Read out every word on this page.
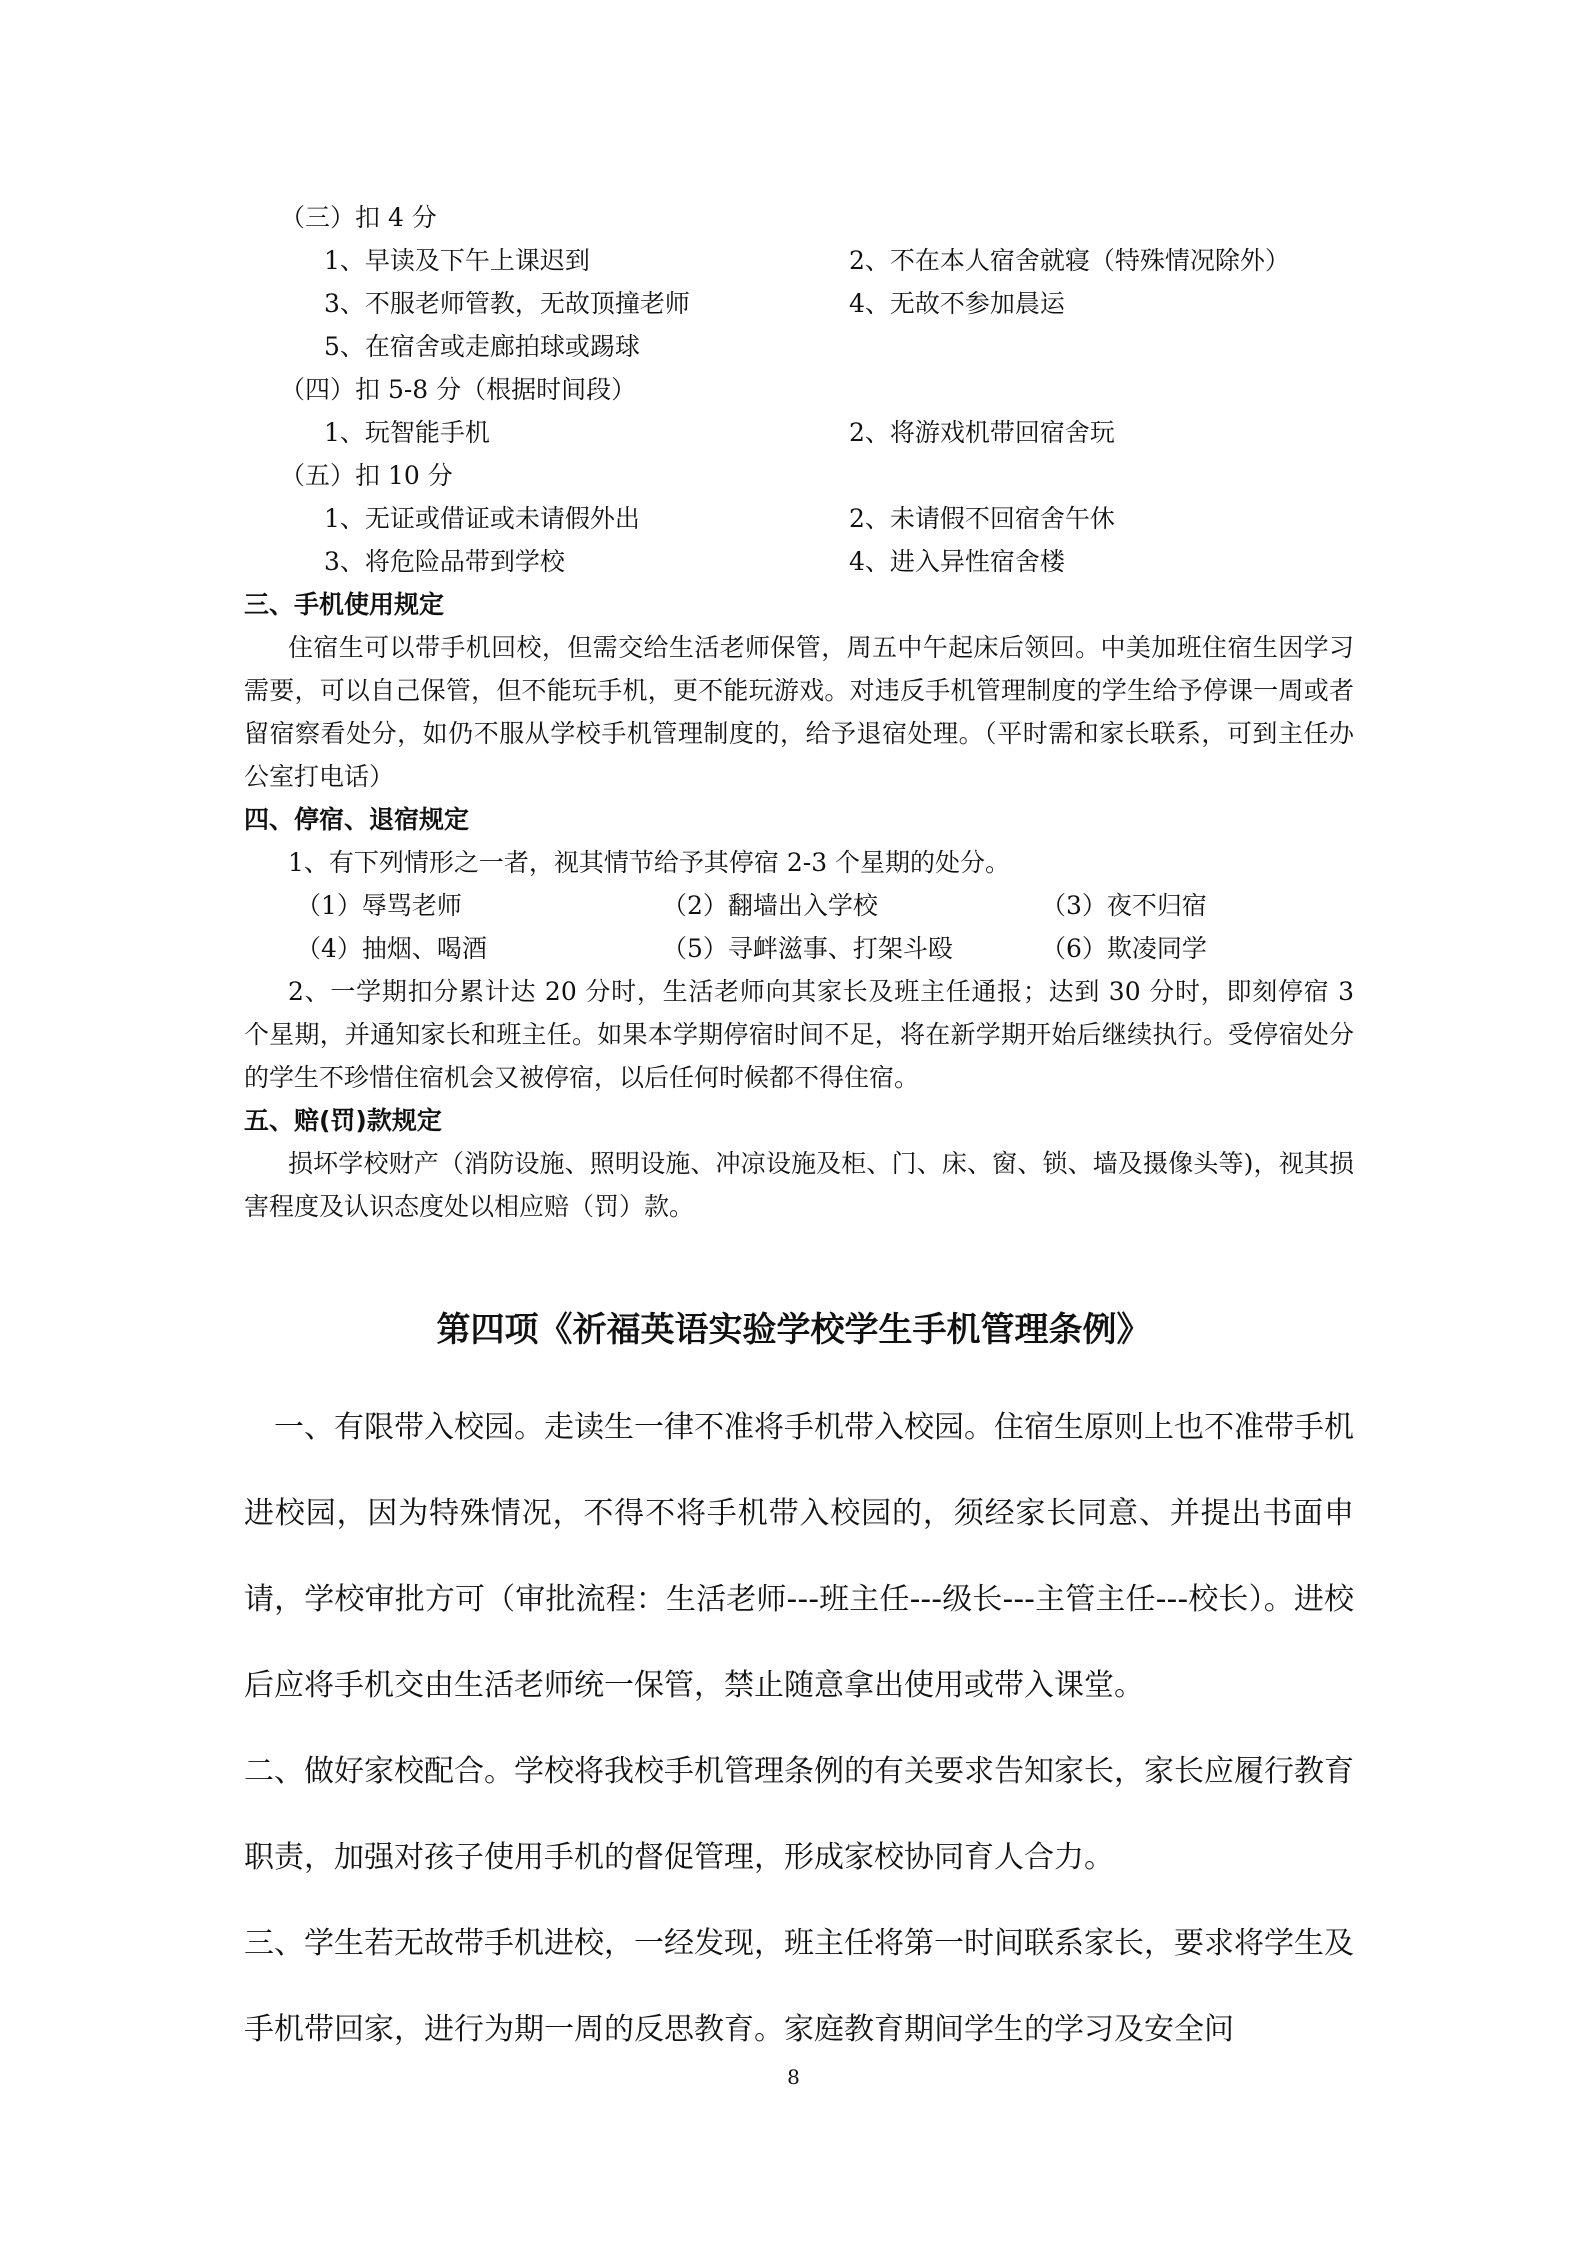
（三）扣 4 分
1、早读及下午上课迟到	2、不在本人宿舍就寝（特殊情况除外）
3、不服老师管教，无故顶撞老师	4、无故不参加晨运
5、在宿舍或走廊拍球或踢球
（四）扣 5-8 分（根据时间段）
1、玩智能手机	2、将游戏机带回宿舍玩
（五）扣 10 分
1、无证或借证或未请假外出	2、未请假不回宿舍午休
3、将危险品带到学校	4、进入异性宿舍楼
三、手机使用规定

住宿生可以带手机回校，但需交给生活老师保管，周五中午起床后领回。中美加班住宿生因学习需要，可以自己保管，但不能玩手机，更不能玩游戏。对违反手机管理制度的学生给予停课一周或者留宿察看处分，如仍不服从学校手机管理制度的，给予退宿处理。（平时需和家长联系，可到主任办公室打电话）

四、停宿、退宿规定

1、有下列情形之一者，视其情节给予其停宿 2-3 个星期的处分。

（1）辱骂老师	（2）翻墙出入学校	（3）夜不归宿
（4）抽烟、喝酒	（5）寻衅滋事、打架斗殴	（6）欺凌同学

2、一学期扣分累计达 20 分时，生活老师向其家长及班主任通报；达到 30 分时，即刻停宿 3 个星期，并通知家长和班主任。如果本学期停宿时间不足，将在新学期开始后继续执行。受停宿处分的学生不珍惜住宿机会又被停宿，以后任何时候都不得住宿。

五、赔(罚)款规定

损坏学校财产（消防设施、照明设施、冲凉设施及柜、门、床、窗、锁、墙及摄像头等)，视其损害程度及认识态度处以相应赔（罚）款。

第四项《祈福英语实验学校学生手机管理条例》

一、有限带入校园。走读生一律不准将手机带入校园。住宿生原则上也不准带手机进校园，因为特殊情况，不得不将手机带入校园的，须经家长同意、并提出书面申请，学校审批方可（审批流程：生活老师---班主任---级长---主管主任---校长）。进校后应将手机交由生活老师统一保管，禁止随意拿出使用或带入课堂。

二、做好家校配合。学校将我校手机管理条例的有关要求告知家长，家长应履行教育职责，加强对孩子使用手机的督促管理，形成家校协同育人合力。

三、学生若无故带手机进校，一经发现，班主任将第一时间联系家长，要求将学生及手机带回家，进行为期一周的反思教育。家庭教育期间学生的学习及安全问

8
